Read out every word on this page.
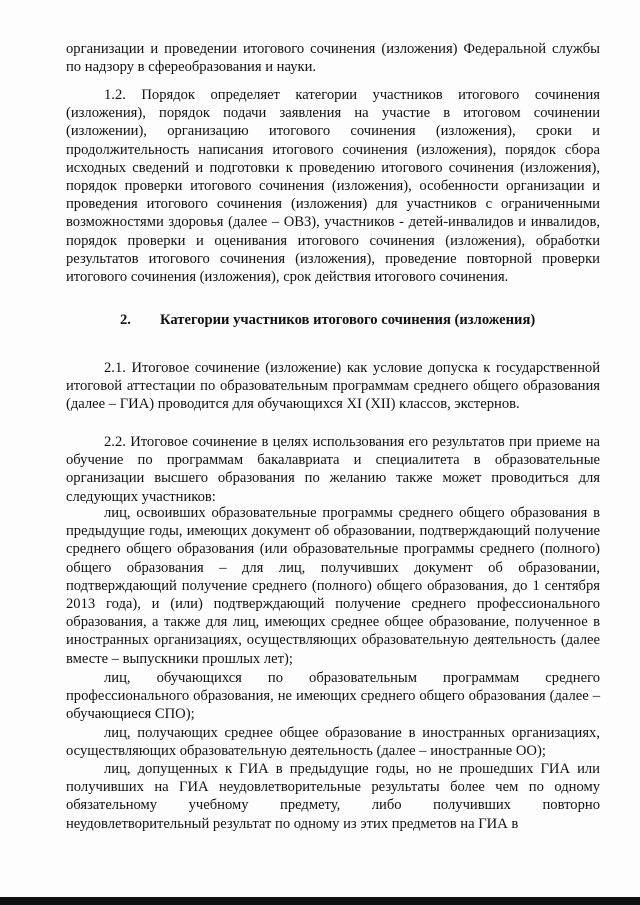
организации и проведении итогового сочинения (изложения) Федеральной службы по надзору в сфереобразования и науки.

1.2. Порядок определяет категории участников итогового сочинения (изложения), порядок подачи заявления на участие в итоговом сочинении (изложении), организацию итогового сочинения (изложения), сроки и продолжительность написания итогового сочинения (изложения), порядок сбора исходных сведений и подготовки к проведению итогового сочинения (изложения), порядок проверки итогового сочинения (изложения), особенности организации и проведения итогового сочинения (изложения) для участников с ограниченными возможностями здоровья (далее – ОВЗ), участников - детей-инвалидов и инвалидов, порядок проверки и оценивания итогового сочинения (изложения), обработки результатов итогового сочинения (изложения), проведение повторной проверки итогового сочинения (изложения), срок действия итогового сочинения.

2. Категории участников итогового сочинения (изложения)

2.1. Итоговое сочинение (изложение) как условие допуска к государственной итоговой аттестации по образовательным программам среднего общего образования (далее – ГИА) проводится для обучающихся XI (XII) классов, экстернов.

2.2. Итоговое сочинение в целях использования его результатов при приеме на обучение по программам бакалавриата и специалитета в образовательные организации высшего образования по желанию также может проводиться для следующих участников:

лиц, освоивших образовательные программы среднего общего образования в предыдущие годы, имеющих документ об образовании, подтверждающий получение среднего общего образования (или образовательные программы среднего (полного) общего образования – для лиц, получивших документ об образовании, подтверждающий получение среднего (полного) общего образования, до 1 сентября 2013 года), и (или) подтверждающий получение среднего профессионального образования, а также для лиц, имеющих среднее общее образование, полученное в иностранных организациях, осуществляющих образовательную деятельность (далее вместе – выпускники прошлых лет);

лиц, обучающихся по образовательным программам среднего профессионального образования, не имеющих среднего общего образования (далее – обучающиеся СПО);

лиц, получающих среднее общее образование в иностранных организациях, осуществляющих образовательную деятельность (далее – иностранные ОО);

лиц, допущенных к ГИА в предыдущие годы, но не прошедших ГИА или получивших на ГИА неудовлетворительные результаты более чем по одному обязательному учебному предмету, либо получивших повторно неудовлетворительный результат по одному из этих предметов на ГИА в
